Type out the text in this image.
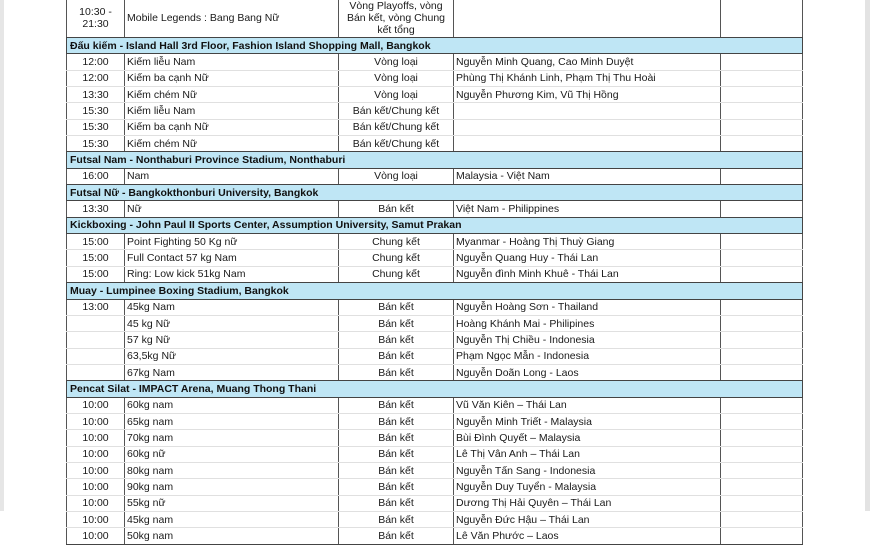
10:30 - 21:30	Mobile Legends : Bang Bang Nữ	Vòng Playoffs, vòng Bán kết, vòng Chung kết tổng		
Đấu kiếm - Island Hall 3rd Floor, Fashion Island Shopping Mall, Bangkok				
12:00	Kiếm liễu Nam	Vòng loại	Nguyễn Minh Quang, Cao Minh Duyệt	
12:00	Kiếm ba cạnh Nữ	Vòng loại	Phùng Thị Khánh Linh, Phạm Thị Thu Hoài	
13:30	Kiếm chém Nữ	Vòng loại	Nguyễn Phương Kim, Vũ Thị Hồng	
15:30	Kiếm liễu Nam	Bán kết/Chung kết		
15:30	Kiếm ba cạnh Nữ	Bán kết/Chung kết		
15:30	Kiếm chém Nữ	Bán kết/Chung kết		
Futsal Nam - Nonthaburi Province Stadium, Nonthaburi				
16:00	Nam	Vòng loại	Malaysia - Việt Nam	
Futsal Nữ - Bangkokthonburi University, Bangkok				
13:30	Nữ	Bán kết	Việt Nam - Philippines	
Kickboxing - John Paul II Sports Center, Assumption University, Samut Prakan				
15:00	Point Fighting 50 Kg nữ	Chung kết	Myanmar - Hoàng Thị Thuỳ Giang	
15:00	Full Contact 57 kg Nam	Chung kết	Nguyễn Quang Huy - Thái Lan	
15:00	Ring: Low kick 51kg Nam	Chung kết	Nguyễn đình Minh Khuê - Thái Lan	
Muay - Lumpinee Boxing Stadium, Bangkok				
13:00	45kg Nam	Bán kết	Nguyễn Hoàng Sơn - Thailand	
	45 kg Nữ	Bán kết	Hoàng Khánh Mai - Philipines	
	57 kg Nữ	Bán kết	Nguyễn Thị Chiều - Indonesia	
	63,5kg Nữ	Bán kết	Phạm Ngọc Mẫn - Indonesia	
	67kg Nam	Bán kết	Nguyễn Doãn Long - Laos	
Pencat Silat - IMPACT Arena, Muang Thong Thani				
10:00	60kg nam	Bán kết	Vũ Văn Kiên – Thái Lan	
10:00	65kg nam	Bán kết	Nguyễn Minh Triết - Malaysia	
10:00	70kg nam	Bán kết	Bùi Đình Quyết – Malaysia	
10:00	60kg nữ	Bán kết	Lê Thị Vân Anh – Thái Lan	
10:00	80kg nam	Bán kết	Nguyễn Tấn Sang - Indonesia	
10:00	90kg nam	Bán kết	Nguyễn Duy Tuyển - Malaysia	
10:00	55kg nữ	Bán kết	Dương Thị Hải Quyên – Thái Lan	
10:00	45kg nam	Bán kết	Nguyễn Đức Hậu – Thái Lan	
10:00	50kg nam	Bán kết	Lê Văn Phước – Laos	
